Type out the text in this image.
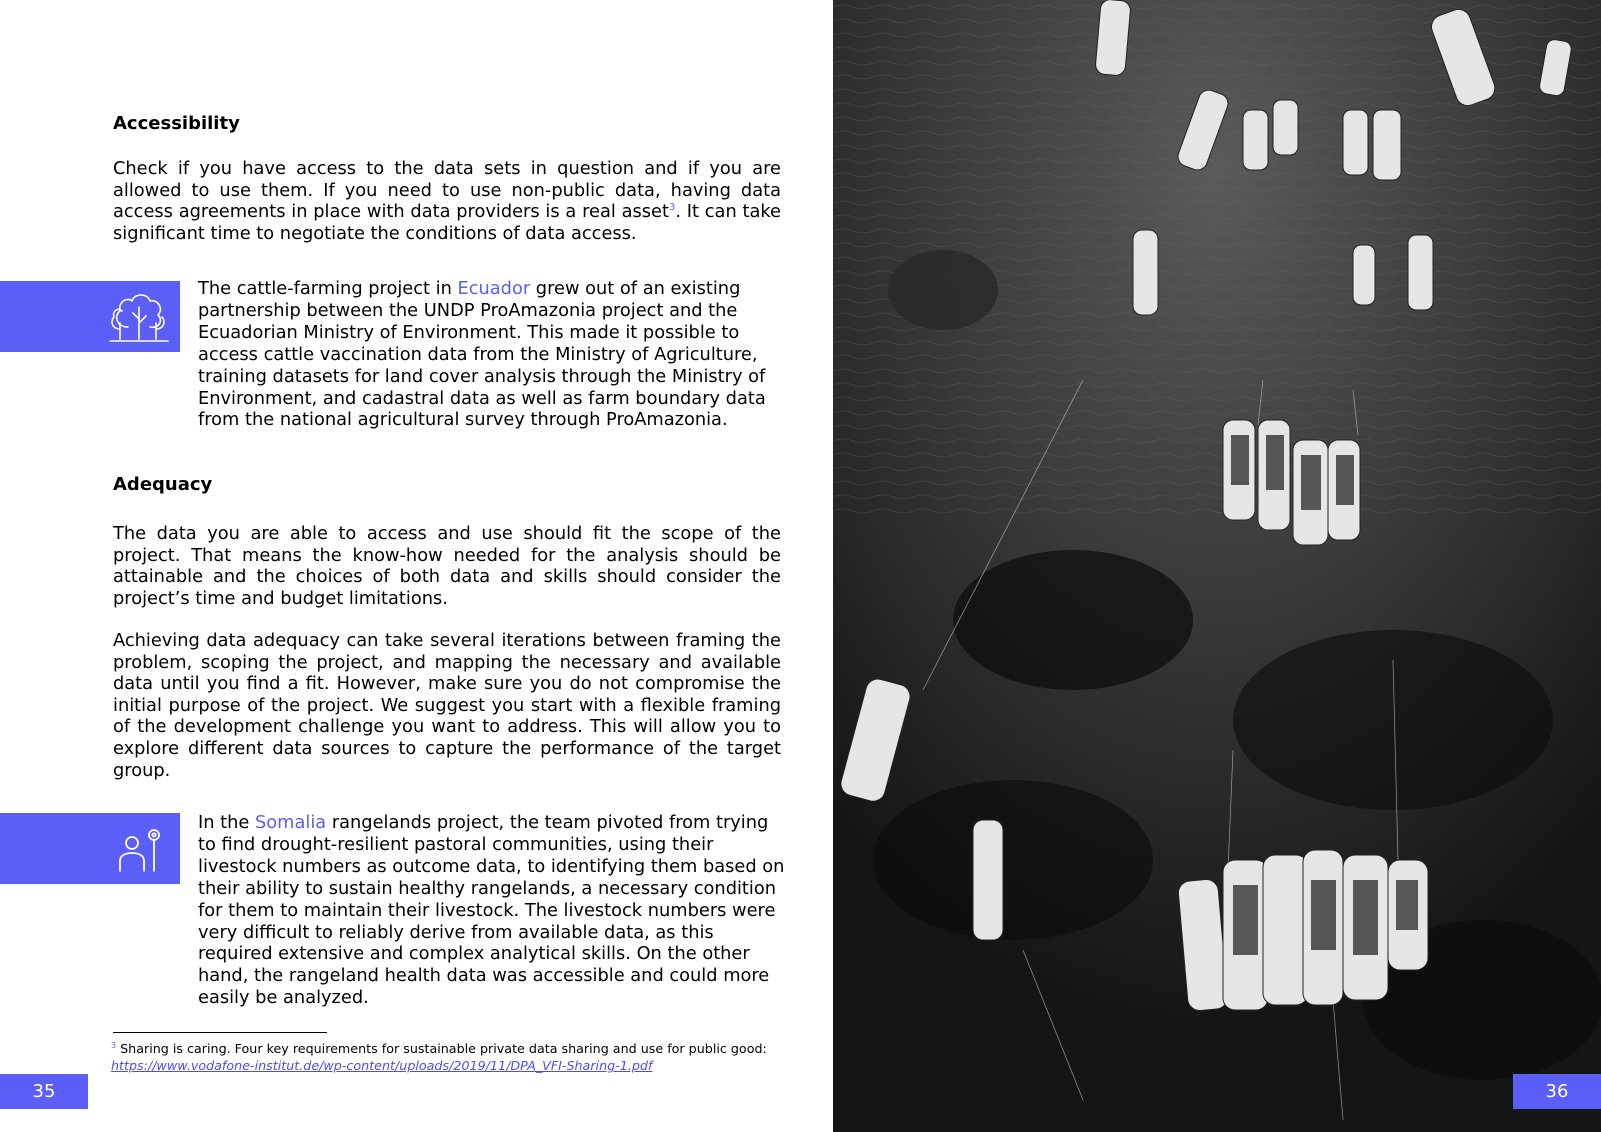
Accessibility

Check if you have access to the data sets in question and if you are allowed to use them. If you need to use non-public data, having data access agreements in place with data providers is a real asset$^3$. It can take significant time to negotiate the conditions of data access.

The cattle-farming project in Ecuador grew out of an existing partnership between the UNDP ProAmazonia project and the Ecuadorian Ministry of Environment. This made it possible to access cattle vaccination data from the Ministry of Agriculture, training datasets for land cover analysis through the Ministry of Environment, and cadastral data as well as farm boundary data from the national agricultural survey through ProAmazonia.

Adequacy

The data you are able to access and use should fit the scope of the project. That means the know-how needed for the analysis should be attainable and the choices of both data and skills should consider the project’s time and budget limitations.

Achieving data adequacy can take several iterations between framing the problem, scoping the project, and mapping the necessary and available data until you find a fit. However, make sure you do not compromise the initial purpose of the project. We suggest you start with a flexible framing of the development challenge you want to address. This will allow you to explore different data sources to capture the performance of the target group.

In the Somalia rangelands project, the team pivoted from trying to find drought-resilient pastoral communities, using their livestock numbers as outcome data, to identifying them based on their ability to sustain healthy rangelands, a necessary condition for them to maintain their livestock. The livestock numbers were very difficult to reliably derive from available data, as this required extensive and complex analytical skills. On the other hand, the rangeland health data was accessible and could more easily be analyzed.

$^3$ Sharing is caring. Four key requirements for sustainable private data sharing and use for public good:
https://www.vodafone-institut.de/wp-content/uploads/2019/11/DPA_VFI-Sharing-1.pdf

35	36
